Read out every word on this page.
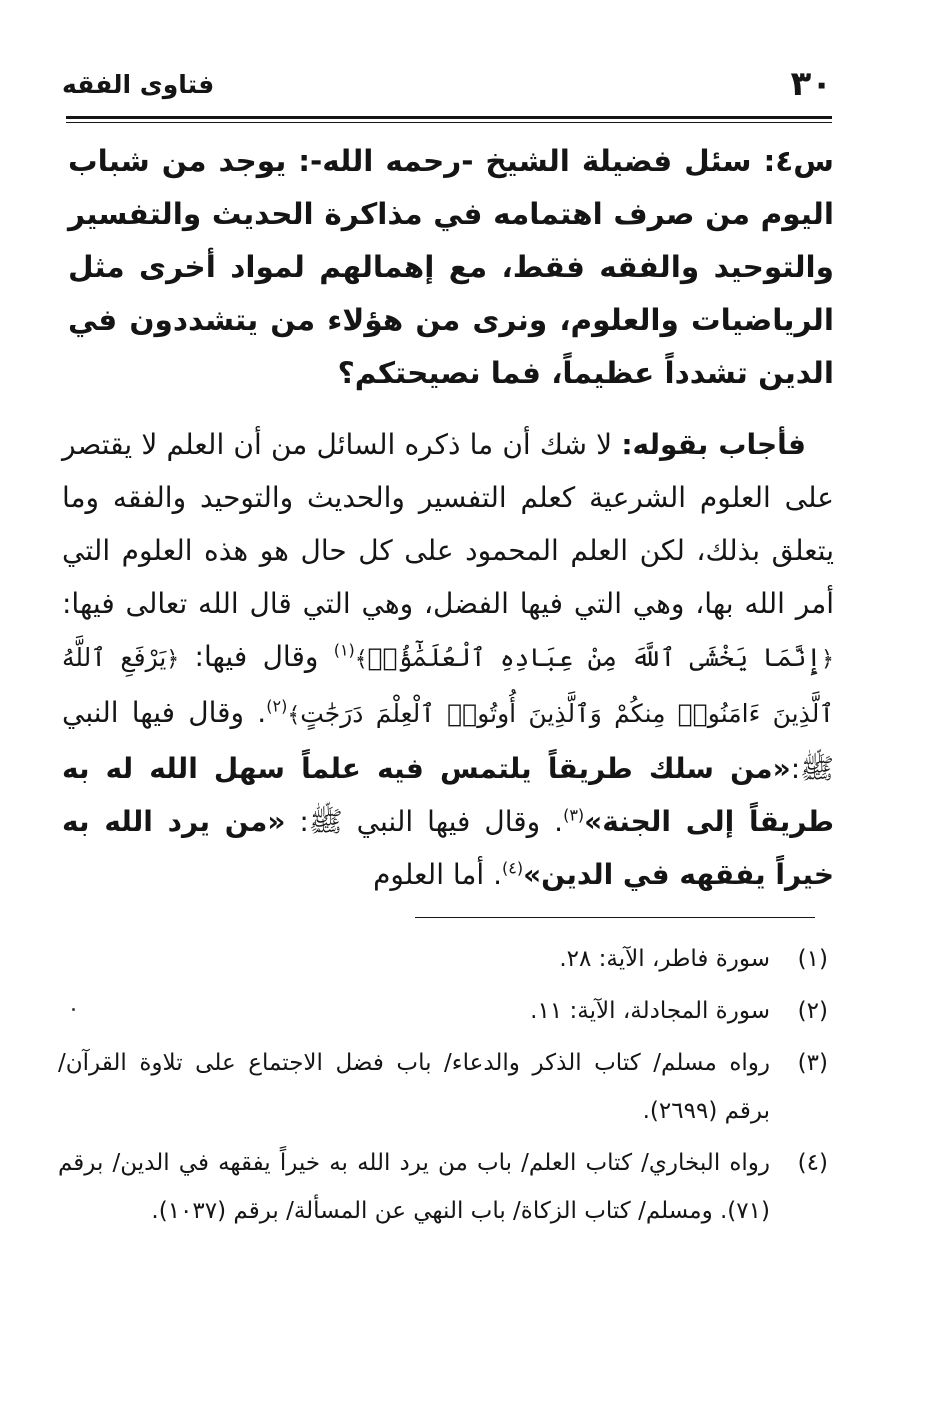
٣٠
فتاوى الفقه

س٤: سئل فضيلة الشيخ -رحمه الله-: يوجد من شباب اليوم من صرف اهتمامه في مذاكرة الحديث والتفسير والتوحيد والفقه فقط، مع إهمالهم لمواد أخرى مثل الرياضيات والعلوم، ونرى من هؤلاء من يتشددون في الدين تشدداً عظيماً، فما نصيحتكم؟

 فأجاب بقوله: لا شك أن ما ذكره السائل من أن العلم لا يقتصر على العلوم الشرعية كعلم التفسير والحديث والتوحيد والفقه وما يتعلق بذلك، لكن العلم المحمود على كل حال هو هذه العلوم التي أمر الله بها، وهي التي فيها الفضل، وهي التي قال الله تعالى فيها: ﴿إِنَّمَا يَخْشَى ٱللَّهَ مِنْ عِبَادِهِ ٱلْعُلَمَٰٓؤُا۟﴾$^{(١)}$ وقال فيها: ﴿يَرْفَعِ ٱللَّهُ ٱلَّذِينَ ءَامَنُوا۟ مِنكُمْ وَٱلَّذِينَ أُوتُوا۟ ٱلْعِلْمَ دَرَجَٰتٍ﴾$^{(٢)}$. وقال فيها النبي ﷺ:«من سلك طريقاً يلتمس فيه علماً سهل الله له به طريقاً إلى الجنة»$^{(٣)}$. وقال فيها النبي ﷺ: «من يرد الله به خيراً يفقهه في الدين»$^{(٤)}$. أما العلوم

(١)
سورة فاطر، الآية: ٢٨.
(٢)
سورة المجادلة، الآية: ١١.
(٣)
رواه مسلم/ كتاب الذكر والدعاء/ باب فضل الاجتماع على تلاوة القرآن/ برقم (٢٦٩٩).
(٤)
رواه البخاري/ كتاب العلم/ باب من يرد الله به خيراً يفقهه في الدين/ برقم (٧١). ومسلم/ كتاب الزكاة/ باب النهي عن المسألة/ برقم (١٠٣٧).
